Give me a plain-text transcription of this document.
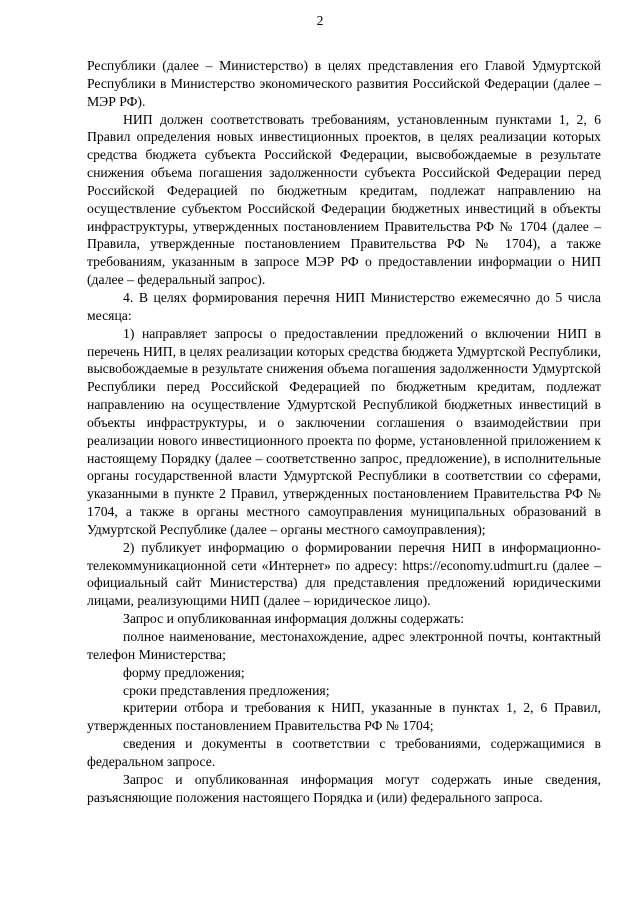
2

Республики (далее – Министерство) в целях представления его Главой Удмуртской Республики в Министерство экономического развития Российской Федерации (далее – МЭР РФ).

НИП должен соответствовать требованиям, установленным пунктами 1, 2, 6 Правил определения новых инвестиционных проектов, в целях реализации которых средства бюджета субъекта Российской Федерации, высвобождаемые в результате снижения объема погашения задолженности субъекта Российской Федерации перед Российской Федерацией по бюджетным кредитам, подлежат направлению на осуществление субъектом Российской Федерации бюджетных инвестиций в объекты инфраструктуры, утвержденных постановлением Правительства РФ № 1704 (далее – Правила, утвержденные постановлением Правительства РФ № 1704), а также требованиям, указанным в запросе МЭР РФ о предоставлении информации о НИП (далее – федеральный запрос).

4. В целях формирования перечня НИП Министерство ежемесячно до 5 числа месяца:

1) направляет запросы о предоставлении предложений о включении НИП в перечень НИП, в целях реализации которых средства бюджета Удмуртской Республики, высвобождаемые в результате снижения объема погашения задолженности Удмуртской Республики перед Российской Федерацией по бюджетным кредитам, подлежат направлению на осуществление Удмуртской Республикой бюджетных инвестиций в объекты инфраструктуры, и о заключении соглашения о взаимодействии при реализации нового инвестиционного проекта по форме, установленной приложением к настоящему Порядку (далее – соответственно запрос, предложение), в исполнительные органы государственной власти Удмуртской Республики в соответствии со сферами, указанными в пункте 2 Правил, утвержденных постановлением Правительства РФ № 1704, а также в органы местного самоуправления муниципальных образований в Удмуртской Республике (далее – органы местного самоуправления);

2) публикует информацию о формировании перечня НИП в информационно-телекоммуникационной сети «Интернет» по адресу: https://economy.udmurt.ru (далее – официальный сайт Министерства) для представления предложений юридическими лицами, реализующими НИП (далее – юридическое лицо).

Запрос и опубликованная информация должны содержать:

полное наименование, местонахождение, адрес электронной почты, контактный телефон Министерства;

форму предложения;

сроки представления предложения;

критерии отбора и требования к НИП, указанные в пунктах 1, 2, 6 Правил, утвержденных постановлением Правительства РФ № 1704;

сведения и документы в соответствии с требованиями, содержащимися в федеральном запросе.

Запрос и опубликованная информация могут содержать иные сведения, разъясняющие положения настоящего Порядка и (или) федерального запроса.
